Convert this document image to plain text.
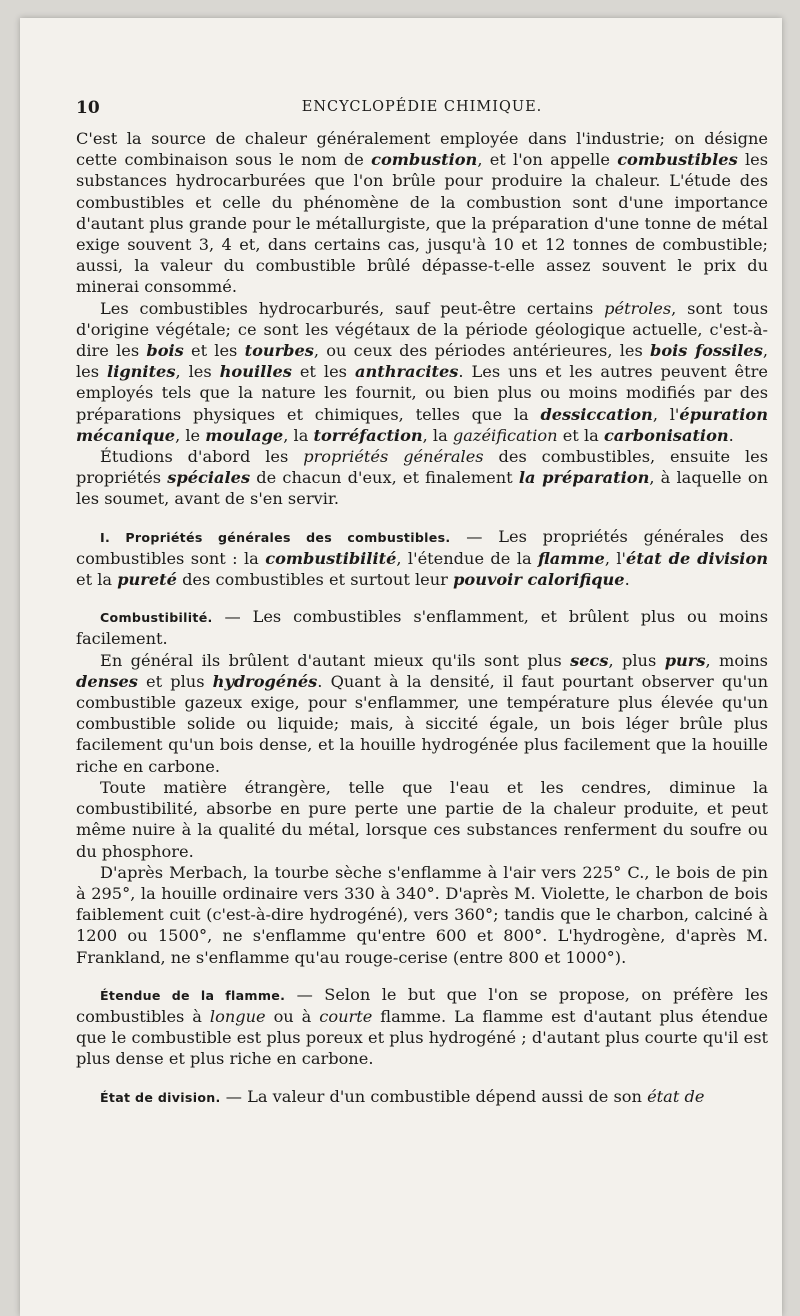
10	ENCYCLOPÉDIE CHIMIQUE.

C'est la source de chaleur généralement employée dans l'industrie; on désigne cette combinaison sous le nom de combustion, et l'on appelle combustibles les substances hydrocarburées que l'on brûle pour produire la chaleur. L'étude des combustibles et celle du phénomène de la combustion sont d'une importance d'autant plus grande pour le métallurgiste, que la préparation d'une tonne de métal exige souvent 3, 4 et, dans certains cas, jusqu'à 10 et 12 tonnes de combustible; aussi, la valeur du combustible brûlé dépasse-t-elle assez souvent le prix du minerai consommé.

Les combustibles hydrocarburés, sauf peut-être certains pétroles, sont tous d'origine végétale; ce sont les végétaux de la période géologique actuelle, c'est-à-dire les bois et les tourbes, ou ceux des périodes antérieures, les bois fossiles, les lignites, les houilles et les anthracites. Les uns et les autres peuvent être employés tels que la nature les fournit, ou bien plus ou moins modifiés par des préparations physiques et chimiques, telles que la dessiccation, l'épuration mécanique, le moulage, la torréfaction, la gazéification et la carbonisation.

Étudions d'abord les propriétés générales des combustibles, ensuite les propriétés spéciales de chacun d'eux, et finalement la préparation, à laquelle on les soumet, avant de s'en servir.

I. Propriétés générales des combustibles. — Les propriétés générales des combustibles sont : la combustibilité, l'étendue de la flamme, l'état de division et la pureté des combustibles et surtout leur pouvoir calorifique.

Combustibilité. — Les combustibles s'enflamment, et brûlent plus ou moins facilement.

En général ils brûlent d'autant mieux qu'ils sont plus secs, plus purs, moins denses et plus hydrogénés. Quant à la densité, il faut pourtant observer qu'un combustible gazeux exige, pour s'enflammer, une température plus élevée qu'un combustible solide ou liquide; mais, à siccité égale, un bois léger brûle plus facilement qu'un bois dense, et la houille hydrogénée plus facilement que la houille riche en carbone.

Toute matière étrangère, telle que l'eau et les cendres, diminue la combustibilité, absorbe en pure perte une partie de la chaleur produite, et peut même nuire à la qualité du métal, lorsque ces substances renferment du soufre ou du phosphore.

D'après Merbach, la tourbe sèche s'enflamme à l'air vers 225° C., le bois de pin à 295°, la houille ordinaire vers 330 à 340°. D'après M. Violette, le charbon de bois faiblement cuit (c'est-à-dire hydrogéné), vers 360°; tandis que le charbon, calciné à 1200 ou 1500°, ne s'enflamme qu'entre 600 et 800°. L'hydrogène, d'après M. Frankland, ne s'enflamme qu'au rouge-cerise (entre 800 et 1000°).

Étendue de la flamme. — Selon le but que l'on se propose, on préfère les combustibles à longue ou à courte flamme. La flamme est d'autant plus étendue que le combustible est plus poreux et plus hydrogéné ; d'autant plus courte qu'il est plus dense et plus riche en carbone.

État de division. — La valeur d'un combustible dépend aussi de son état de
